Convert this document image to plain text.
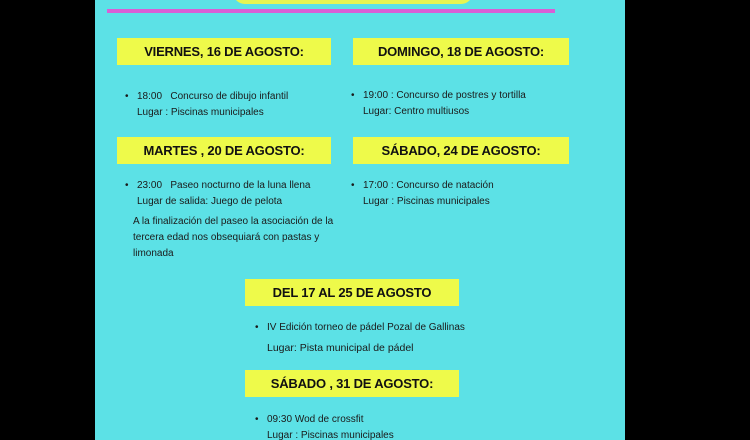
VIERNES, 16 DE AGOSTO:
• 18:00 Concurso de dibujo infantil
Lugar : Piscinas municipales
DOMINGO, 18 DE AGOSTO:
• 19:00 : Concurso de postres y tortilla
Lugar: Centro multiusos
MARTES , 20 DE AGOSTO:
• 23:00 Paseo nocturno de la luna llena
Lugar de salida: Juego de pelota
A la finalización del paseo la asociación de la tercera edad nos obsequiará con pastas y limonada
SÁBADO, 24 DE AGOSTO:
• 17:00 : Concurso de natación
Lugar : Piscinas municipales
DEL 17 AL 25 DE AGOSTO
• IV Edición torneo de pádel Pozal de Gallinas
Lugar: Pista municipal de pádel
SÁBADO , 31 DE AGOSTO:
• 09:30 Wod de crossfit
Lugar : Piscinas municipales
